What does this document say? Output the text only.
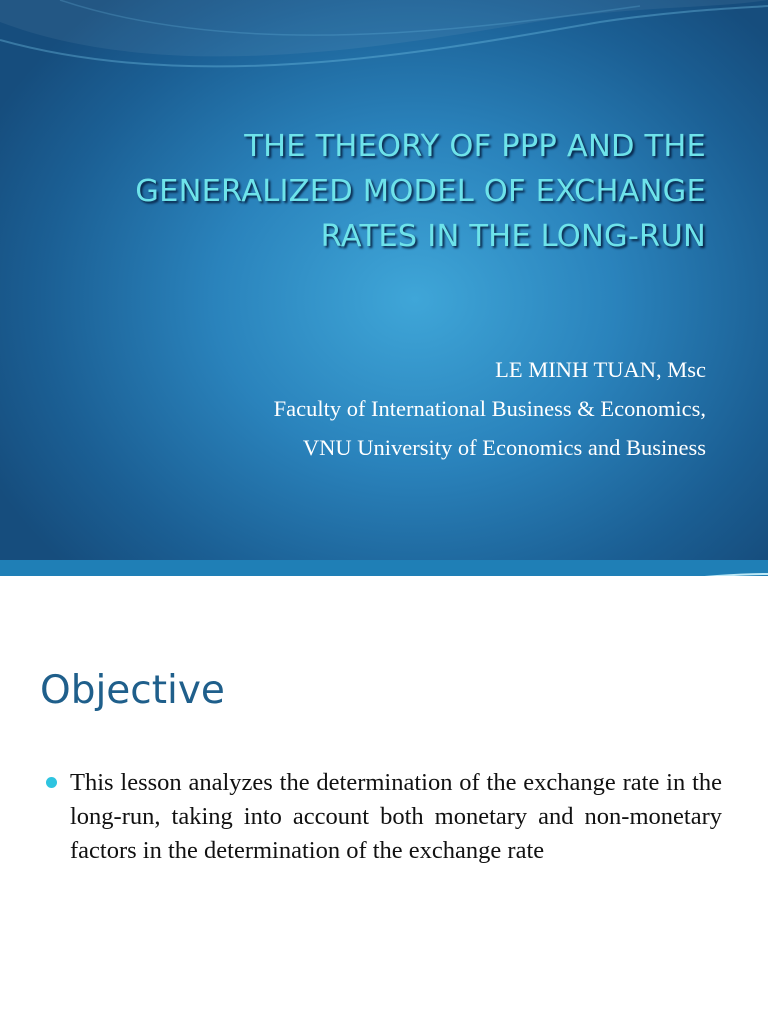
THE THEORY OF PPP AND THE
GENERALIZED MODEL OF EXCHANGE
RATES IN THE LONG-RUN
LE MINH TUAN, Msc
Faculty of International Business & Economics,
VNU University of Economics and Business
Objective
This lesson analyzes the determination of the exchange rate in the long-run, taking into account both monetary and non-monetary factors in the determination of the exchange rate
